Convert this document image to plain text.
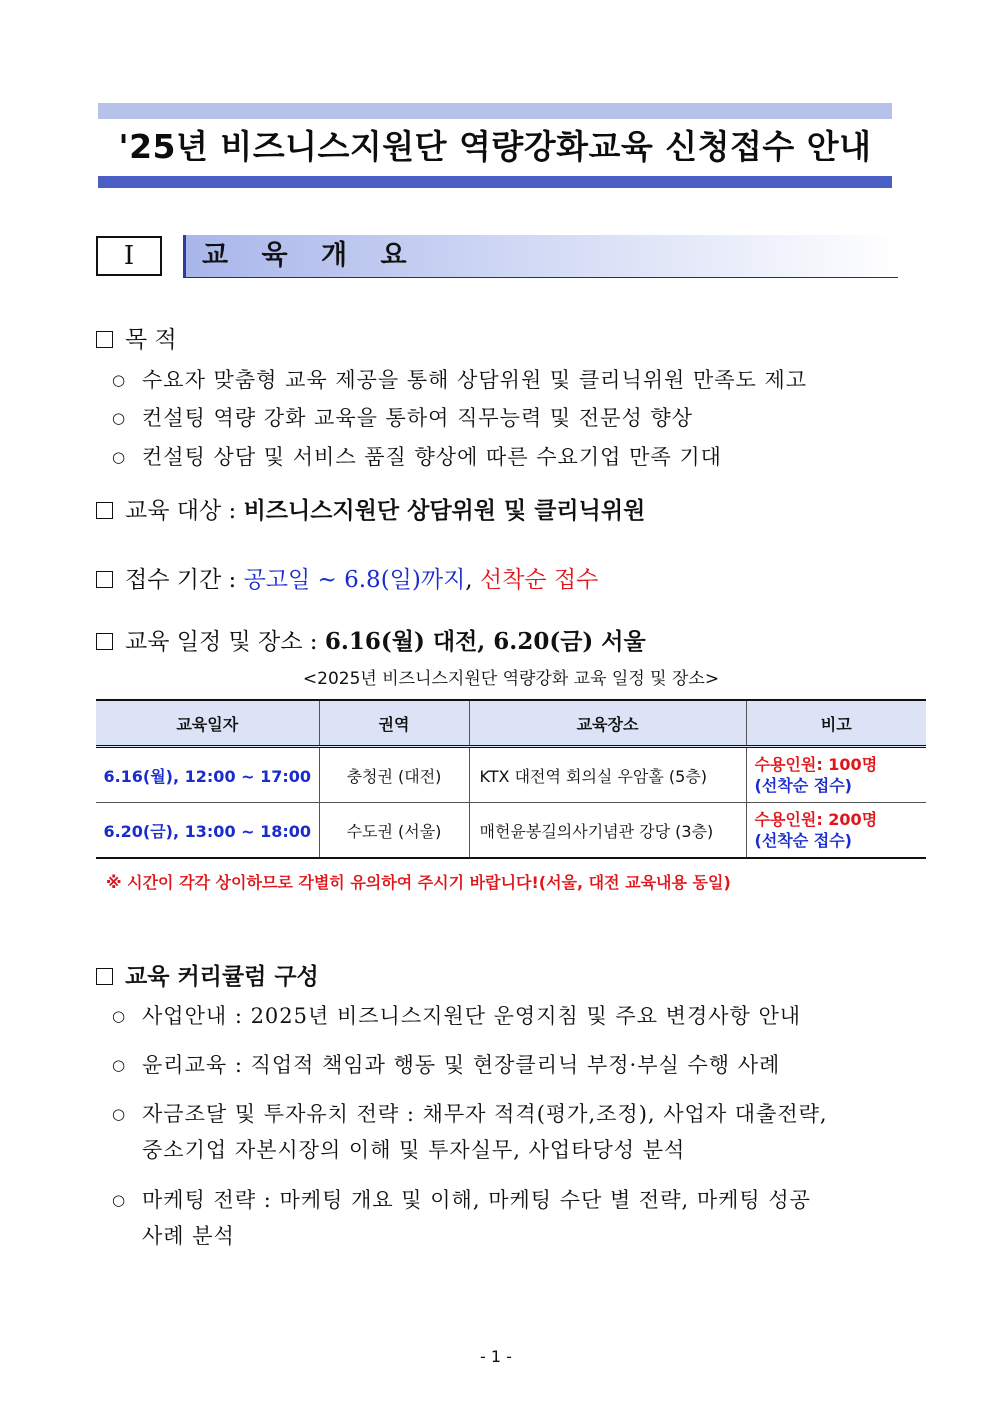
'25년 비즈니스지원단 역량강화교육 신청접수 안내
Ⅰ	교 육 개 요
목 적
○ 수요자 맞춤형 교육 제공을 통해 상담위원 및 클리닉위원 만족도 제고
○ 컨설팅 역량 강화 교육을 통하여 직무능력 및 전문성 향상
○ 컨설팅 상담 및 서비스 품질 향상에 따른 수요기업 만족 기대
교육 대상 : 비즈니스지원단 상담위원 및 클리닉위원
접수 기간 : 공고일 ~ 6.8(일)까지, 선착순 접수
교육 일정 및 장소 : 6.16(월) 대전, 6.20(금) 서울
<2025년 비즈니스지원단 역량강화 교육 일정 및 장소>
교육일자	권역	교육장소	비고
6.16(월), 12:00 ~ 17:00	충청권 (대전)	KTX 대전역 회의실 우암홀 (5층)	수용인원: 100명
(선착순 접수)
6.20(금), 13:00 ~ 18:00	수도권 (서울)	매헌윤봉길의사기념관 강당 (3층)	수용인원: 200명
(선착순 접수)
※ 시간이 각각 상이하므로 각별히 유의하여 주시기 바랍니다!(서울, 대전 교육내용 동일)
교육 커리큘럼 구성
○ 사업안내 : 2025년 비즈니스지원단 운영지침 및 주요 변경사항 안내
○ 윤리교육 : 직업적 책임과 행동 및 현장클리닉 부정·부실 수행 사례
○ 자금조달 및 투자유치 전략 : 채무자 적격(평가,조정), 사업자 대출전략,
중소기업 자본시장의 이해 및 투자실무, 사업타당성 분석
○ 마케팅 전략 : 마케팅 개요 및 이해, 마케팅 수단 별 전략, 마케팅 성공
사례 분석
- 1 -
